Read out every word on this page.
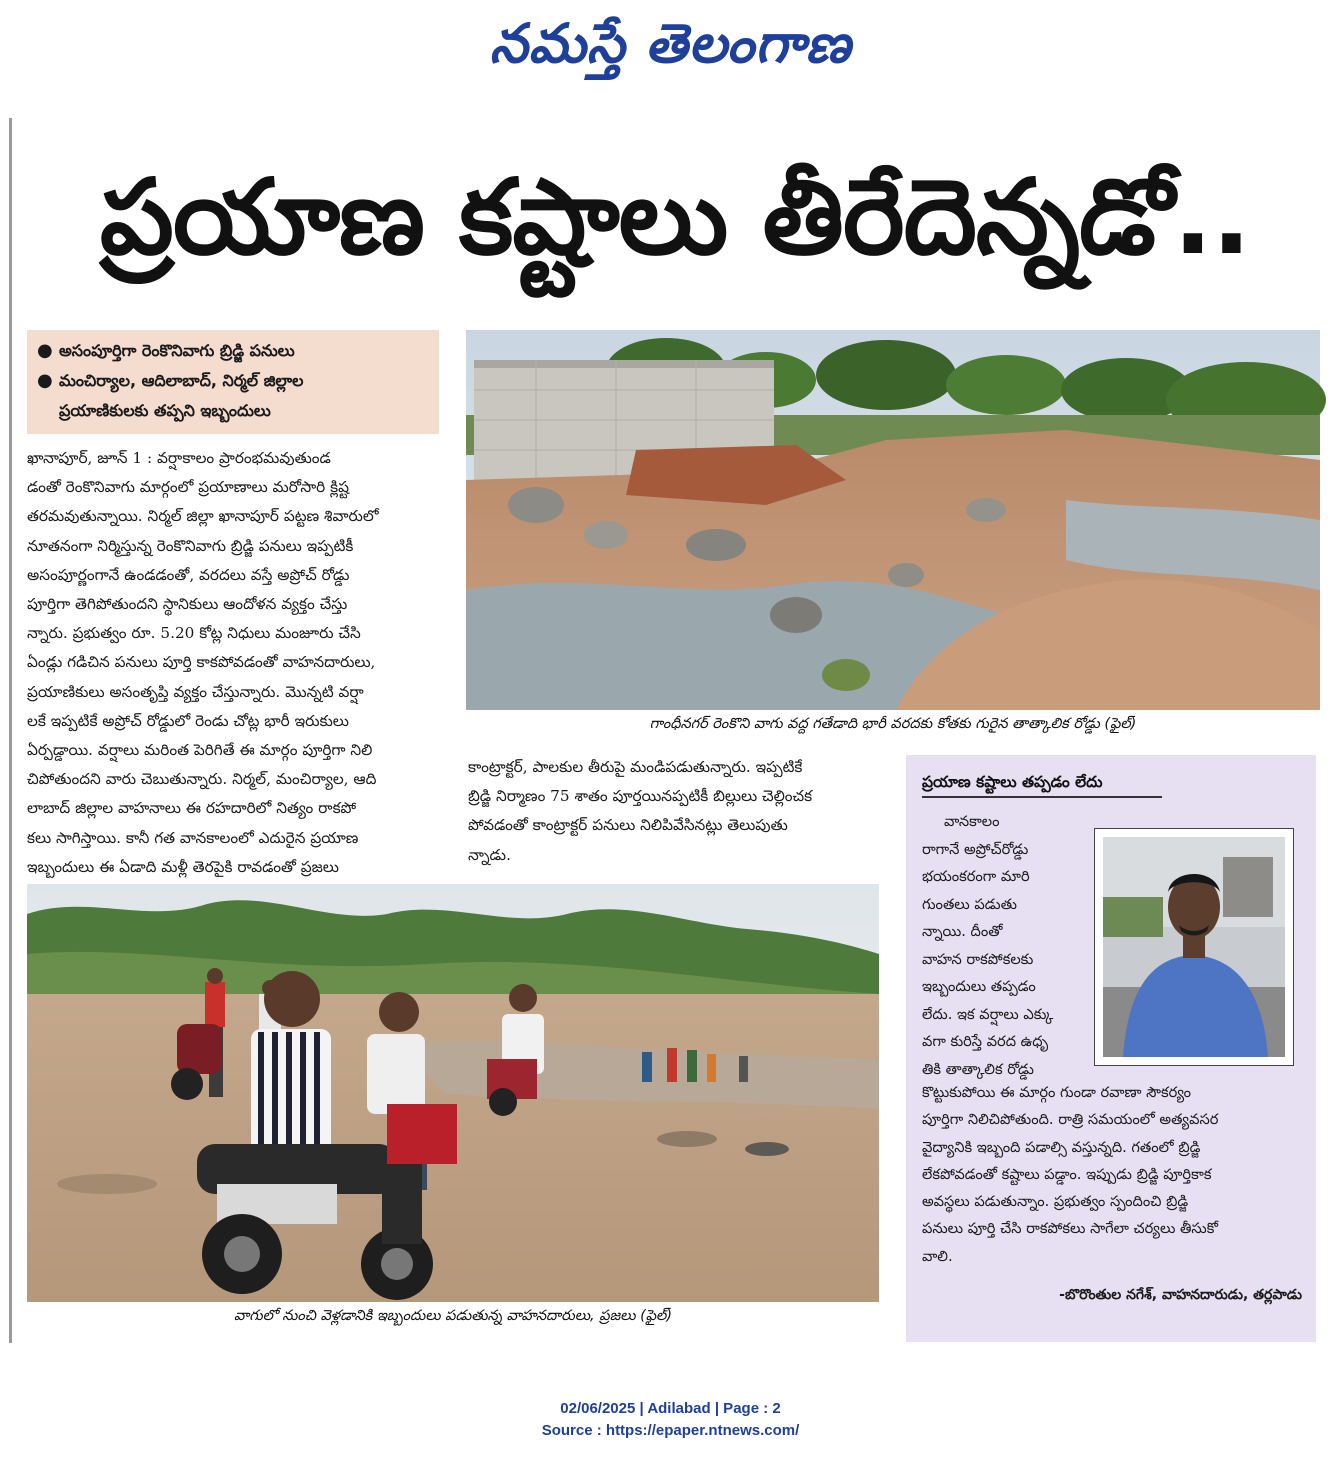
నమస్తే తెలంగాణ
ప్రయాణ కష్టాలు తీరేదెన్నడో..
● అసంపూర్తిగా రెంకొనివాగు బ్రిడ్జి పనులు
● మంచిర్యాల, ఆదిలాబాద్, నిర్మల్ జిల్లాల
ప్రయాణికులకు తప్పని ఇబ్బందులు
ఖానాపూర్, జూన్ 1 : వర్షాకాలం ప్రారంభమవుతుండ
డంతో రెంకొనివాగు మార్గంలో ప్రయాణాలు మరోసారి క్లిష్ట
తరమవుతున్నాయి. నిర్మల్ జిల్లా ఖానాపూర్ పట్టణ శివారులో
నూతనంగా నిర్మిస్తున్న రెంకొనివాగు బ్రిడ్జి పనులు ఇప్పటికీ
అసంపూర్ణంగానే ఉండడంతో, వరదలు వస్తే అప్రోచ్ రోడ్డు
పూర్తిగా తెగిపోతుందని స్థానికులు ఆందోళన వ్యక్తం చేస్తు
న్నారు. ప్రభుత్వం రూ. 5.20 కోట్ల నిధులు మంజూరు చేసి
ఏండ్లు గడిచిన పనులు పూర్తి కాకపోవడంతో వాహనదారులు,
ప్రయాణికులు అసంతృప్తి వ్యక్తం చేస్తున్నారు. మొన్నటి వర్షా
లకే ఇప్పటికే అప్రోచ్ రోడ్డులో రెండు చోట్ల భారీ ఇరుకులు
ఏర్పడ్డాయి. వర్షాలు మరింత పెరిగితే ఈ మార్గం పూర్తిగా నిలి
చిపోతుందని వారు చెబుతున్నారు. నిర్మల్, మంచిర్యాల, ఆది
లాబాద్ జిల్లాల వాహనాలు ఈ రహదారిలో నిత్యం రాకపో
కలు సాగిస్తాయి. కానీ గత వానకాలంలో ఎదురైన ప్రయాణ
ఇబ్బందులు ఈ ఏడాది మళ్లీ తెరపైకి రావడంతో ప్రజలు
గాంధీనగర్ రెంకొని వాగు వద్ద గతేడాది భారీ వరదకు కోతకు గురైన తాత్కాలిక రోడ్డు (ఫైల్)
కాంట్రాక్టర్, పాలకుల తీరుపై మండిపడుతున్నారు. ఇప్పటికే
బ్రిడ్జి నిర్మాణం 75 శాతం పూర్తయినప్పటికీ బిల్లులు చెల్లించక
పోవడంతో కాంట్రాక్టర్ పనులు నిలిపివేసినట్లు తెలుపుతు
న్నాడు.
వాగులో నుంచి వెళ్లడానికి ఇబ్బందులు పడుతున్న వాహనదారులు, ప్రజలు (ఫైల్)
ప్రయాణ కష్టాలు తప్పడం లేదు
వానకాలం
రాగానే అప్రోచ్‌రోడ్డు
భయంకరంగా మారి
గుంతలు పడుతు
న్నాయి. దీంతో
వాహన రాకపోకలకు
ఇబ్బందులు తప్పడం
లేదు. ఇక వర్షాలు ఎక్కు
వగా కురిస్తే వరద ఉధృ
తికి తాత్కాలిక రోడ్డు
కొట్టుకుపోయి ఈ మార్గం గుండా రవాణా సౌకర్యం
పూర్తిగా నిలిచిపోతుంది. రాత్రి సమయంలో అత్యవసర
వైద్యానికి ఇబ్బంది పడాల్సి వస్తున్నది. గతంలో బ్రిడ్జి
లేకపోవడంతో కష్టాలు పడ్డాం. ఇప్పుడు బ్రిడ్జి పూర్తికాక
అవస్థలు పడుతున్నాం. ప్రభుత్వం స్పందించి బ్రిడ్జి
పనులు పూర్తి చేసి రాకపోకలు సాగేలా చర్యలు తీసుకో
వాలి.
-బొరొంతుల నగేశ్, వాహనదారుడు, తర్లపాడు
02/06/2025 | Adilabad | Page : 2
Source : https://epaper.ntnews.com/
